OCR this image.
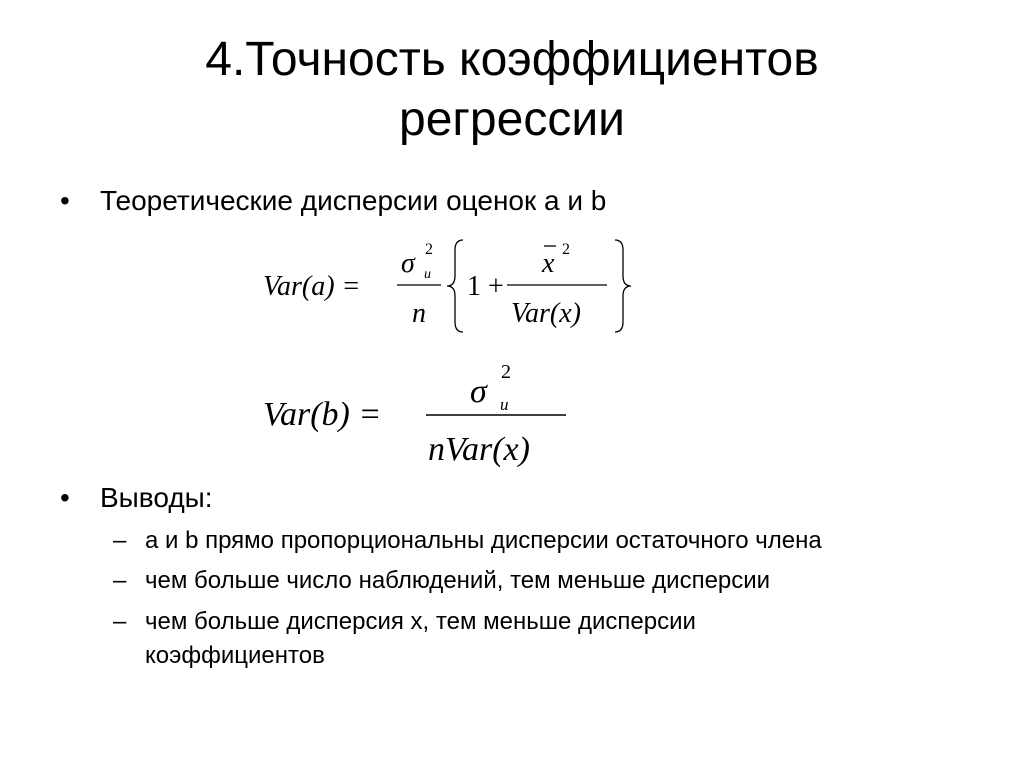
4.Точность коэффициентов
регрессии
• Теоретические дисперсии оценок а и b
Var(a) =
σ 2
и
n
1 +
x 2
Var(x)
Var(b) =
σ
2
и
nVar(x)
• Выводы:
– а и b прямо пропорциональны дисперсии остаточного члена
– чем больше число наблюдений, тем меньше дисперсии
– чем больше дисперсия х, тем меньше дисперсии
коэффициентов
